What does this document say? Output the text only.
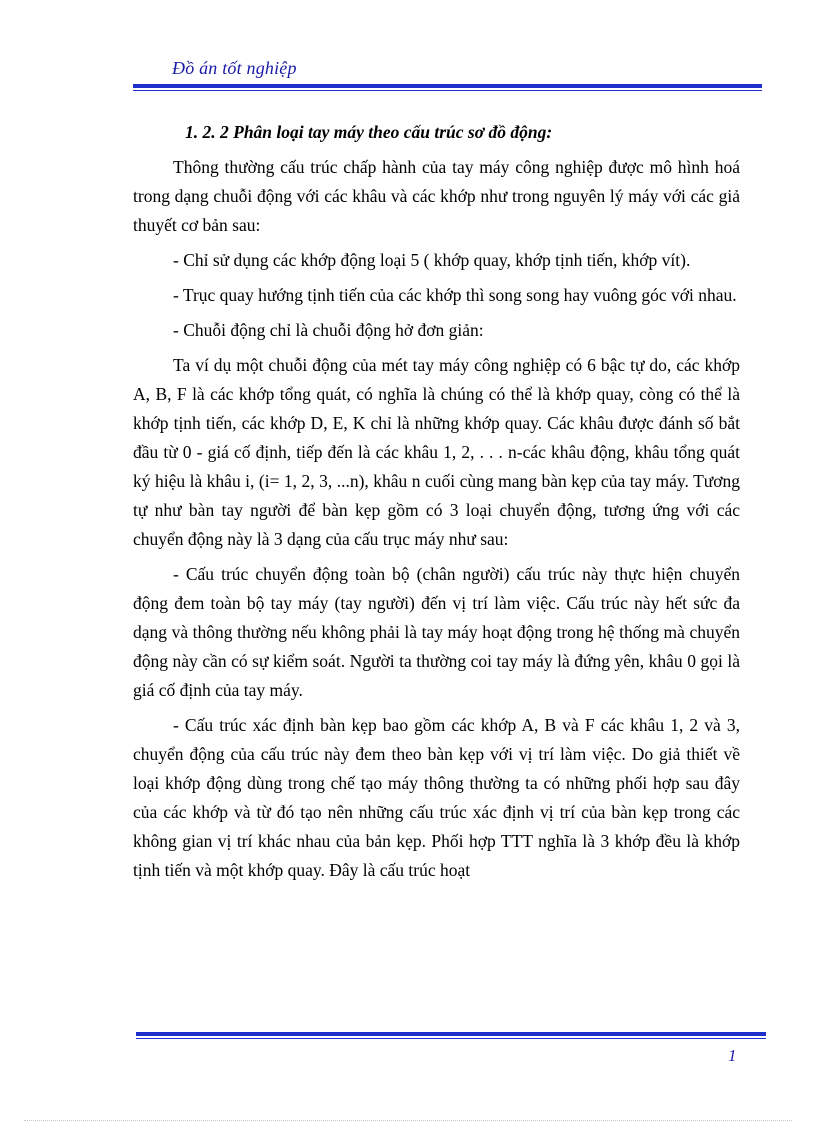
Đồ án tốt nghiệp

1. 2. 2 Phân loại tay máy theo cấu trúc sơ đồ động:

Thông thường cấu trúc chấp hành của tay máy công nghiệp được mô hình hoá trong dạng chuỗi động với các khâu và các khớp như trong nguyên lý máy với các giả thuyết cơ bản sau:

- Chỉ sử dụng các khớp động loại 5 ( khớp quay, khớp tịnh tiến, khớp vít).

- Trục quay hướng tịnh tiến của các khớp thì song song hay vuông góc với nhau.

- Chuỗi động chỉ là chuỗi động hở đơn giản:

Ta ví dụ một chuỗi động của mét tay máy công nghiệp có 6 bậc tự do, các khớp A, B, F là các khớp tổng quát, có nghĩa là chúng có thể là khớp quay, còng có thể là khớp tịnh tiến, các khớp D, E, K chỉ là những khớp quay. Các khâu được đánh số bắt đầu từ 0 - giá cố định, tiếp đến là các khâu 1, 2, . . . n-các khâu động, khâu tổng quát ký hiệu là khâu i, (i= 1, 2, 3, ...n), khâu n cuối cùng mang bàn kẹp của tay máy. Tương tự như bàn tay người để bàn kẹp gồm có 3 loại chuyển động, tương ứng với các chuyển động này là 3 dạng của cấu trục máy như sau:

- Cấu trúc chuyển động toàn bộ (chân người) cấu trúc này thực hiện chuyển động đem toàn bộ tay máy (tay người) đến vị trí làm việc. Cấu trúc này hết sức đa dạng và thông thường nếu không phải là tay máy hoạt động trong hệ thống mà chuyển động này cần có sự kiểm soát. Người ta thường coi tay máy là đứng yên, khâu 0 gọi là giá cố định của tay máy.

- Cấu trúc xác định bàn kẹp bao gồm các khớp A, B và F các khâu 1, 2 và 3, chuyển động của cấu trúc này đem theo bàn kẹp với vị trí làm việc. Do giả thiết về loại khớp động dùng trong chế tạo máy thông thường ta có những phối hợp sau đây của các khớp và từ đó tạo nên những cấu trúc xác định vị trí của bàn kẹp trong các không gian vị trí khác nhau của bản kẹp. Phối hợp TTT nghĩa là 3 khớp đều là khớp tịnh tiến và một khớp quay. Đây là cấu trúc hoạt

1
